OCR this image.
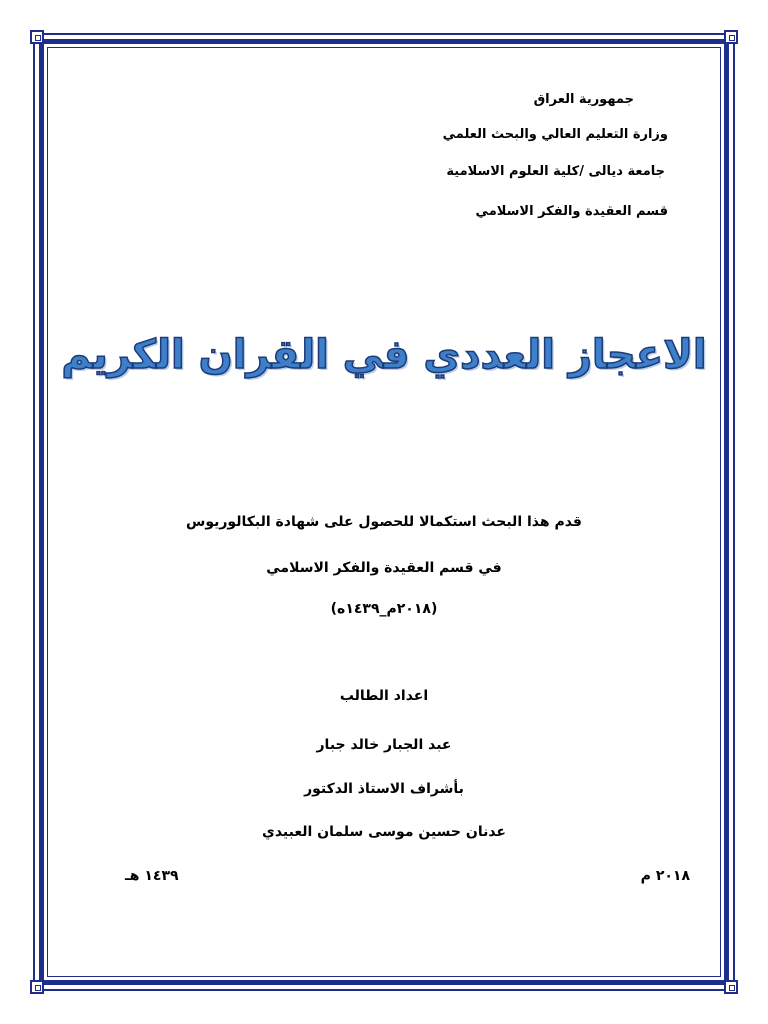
جمهورية العراق
وزارة التعليم العالي والبحث العلمي
جامعة ديالى /كلية العلوم الاسلامية
قسم العقيدة والفكر الاسلامي
الاعجاز العددي في القران الكريم
قدم هذا البحث استكمالا للحصول على شهادة البكالوريوس
في قسم العقيدة والفكر الاسلامي
(٢٠١٨م_١٤٣٩ه)
اعداد الطالب
عبد الجبار خالد جبار
بأشراف الاستاذ الدكتور
عدنان حسين موسى سلمان العبيدي
٢٠١٨ م
١٤٣٩ هـ
